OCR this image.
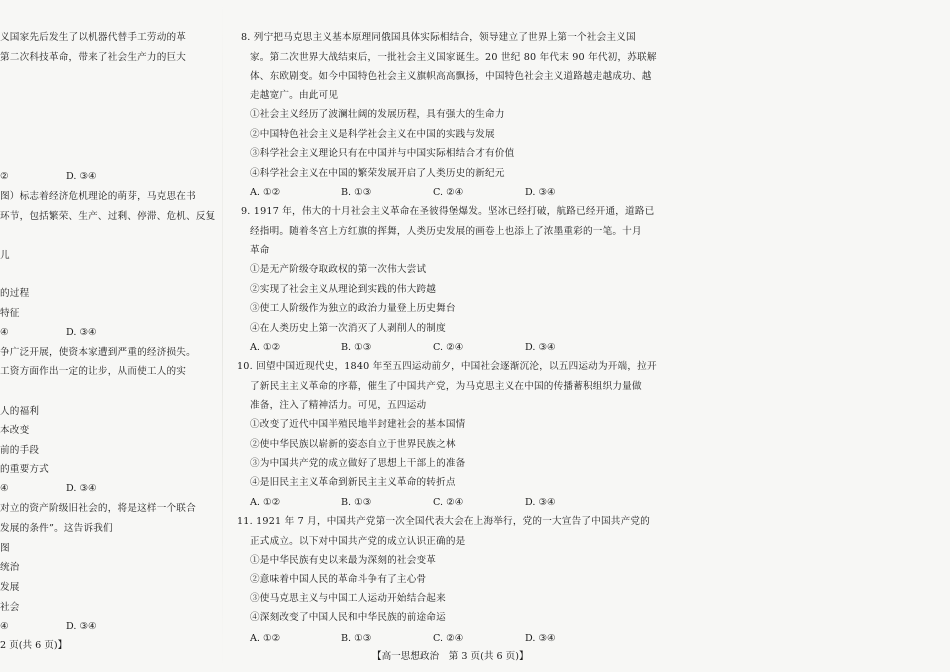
义国家先后发生了以机器代替手工劳动的革
第二次科技革命，带来了社会生产力的巨大
②	D. ③④
图）标志着经济危机理论的萌芽，马克思在书
环节，包括繁荣、生产、过剩、停滞、危机、反复
儿
的过程
特征
④	D. ③④
争广泛开展，使资本家遭到严重的经济损失。
工资方面作出一定的让步，从而使工人的实
人的福利
本改变
前的手段
的重要方式
④	D. ③④
对立的资产阶级旧社会的，将是这样一个联合
发展的条件”。这告诉我们
图
统治
发展
社会
④	D. ③④
2 页(共 6 页)】
8. 列宁把马克思主义基本原理同俄国具体实际相结合，领导建立了世界上第一个社会主义国
家。第二次世界大战结束后，一批社会主义国家诞生。20 世纪 80 年代末 90 年代初，苏联解
体、东欧剧变。如今中国特色社会主义旗帜高高飘扬，中国特色社会主义道路越走越成功、越
走越宽广。由此可见
①社会主义经历了波澜壮阔的发展历程，具有强大的生命力
②中国特色社会主义是科学社会主义在中国的实践与发展
③科学社会主义理论只有在中国并与中国实际相结合才有价值
④科学社会主义在中国的繁荣发展开启了人类历史的新纪元
A. ①②	B. ①③	C. ②④	D. ③④
9. 1917 年，伟大的十月社会主义革命在圣彼得堡爆发。坚冰已经打破，航路已经开通，道路已
经指明。随着冬宫上方红旗的挥舞，人类历史发展的画卷上也添上了浓墨重彩的一笔。十月
革命
①是无产阶级夺取政权的第一次伟大尝试
②实现了社会主义从理论到实践的伟大跨越
③使工人阶级作为独立的政治力量登上历史舞台
④在人类历史上第一次消灭了人剥削人的制度
A. ①②	B. ①③	C. ②④	D. ③④
10. 回望中国近现代史，1840 年至五四运动前夕，中国社会逐渐沉沦，以五四运动为开端，拉开
了新民主主义革命的序幕，催生了中国共产党，为马克思主义在中国的传播蓄积组织力量做
准备，注入了精神活力。可见，五四运动
①改变了近代中国半殖民地半封建社会的基本国情
②使中华民族以崭新的姿态自立于世界民族之林
③为中国共产党的成立做好了思想上干部上的准备
④是旧民主主义革命到新民主主义革命的转折点
A. ①②	B. ①③	C. ②④	D. ③④
11. 1921 年 7 月，中国共产党第一次全国代表大会在上海举行，党的一大宣告了中国共产党的
正式成立。以下对中国共产党的成立认识正确的是
①是中华民族有史以来最为深刻的社会变革
②意味着中国人民的革命斗争有了主心骨
③使马克思主义与中国工人运动开始结合起来
④深刻改变了中国人民和中华民族的前途命运
A. ①②	B. ①③	C. ②④	D. ③④
【高一思想政治　第 3 页(共 6 页)】
